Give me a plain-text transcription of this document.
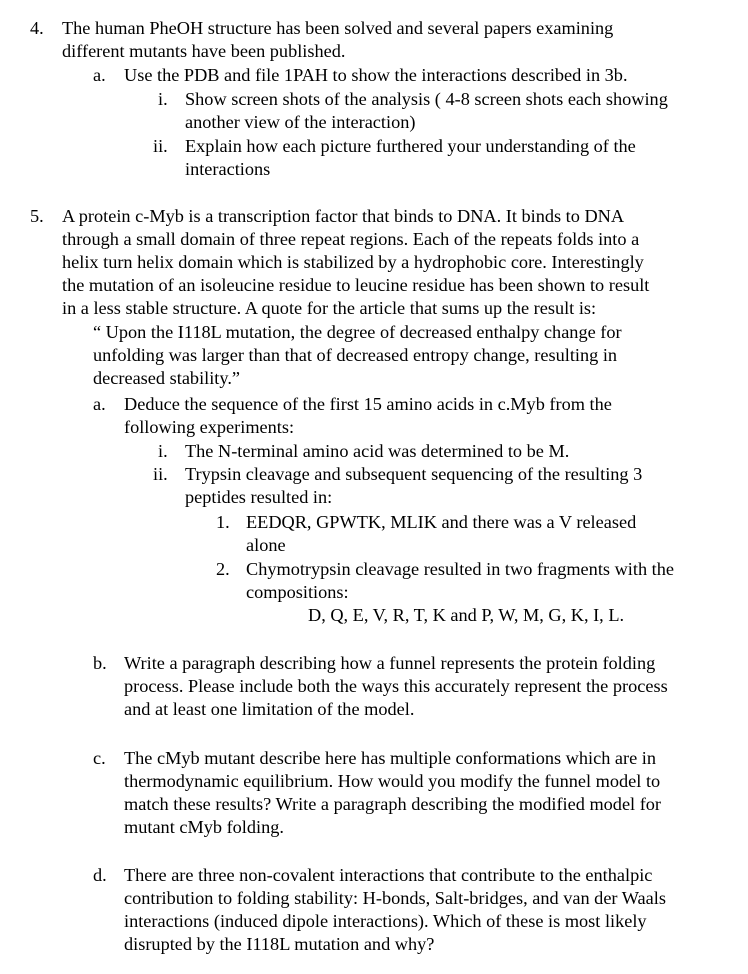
4. The human PheOH structure has been solved and several papers examining
different mutants have been published.
a. Use the PDB and file 1PAH to show the interactions described in 3b.
i. Show screen shots of the analysis ( 4-8 screen shots each showing
another view of the interaction)
ii. Explain how each picture furthered your understanding of the
interactions
5. A protein c-Myb is a transcription factor that binds to DNA. It binds to DNA
through a small domain of three repeat regions. Each of the repeats folds into a
helix turn helix domain which is stabilized by a hydrophobic core. Interestingly
the mutation of an isoleucine residue to leucine residue has been shown to result
in a less stable structure. A quote for the article that sums up the result is:
“ Upon the I118L mutation, the degree of decreased enthalpy change for
unfolding was larger than that of decreased entropy change, resulting in
decreased stability.”
a. Deduce the sequence of the first 15 amino acids in c.Myb from the
following experiments:
i. The N-terminal amino acid was determined to be M.
ii. Trypsin cleavage and subsequent sequencing of the resulting 3
peptides resulted in:
1. EEDQR, GPWTK, MLIK and there was a V released
alone
2. Chymotrypsin cleavage resulted in two fragments with the
compositions:
D, Q, E, V, R, T, K and P, W, M, G, K, I, L.
b. Write a paragraph describing how a funnel represents the protein folding
process. Please include both the ways this accurately represent the process
and at least one limitation of the model.
c. The cMyb mutant describe here has multiple conformations which are in
thermodynamic equilibrium. How would you modify the funnel model to
match these results? Write a paragraph describing the modified model for
mutant cMyb folding.
d. There are three non-covalent interactions that contribute to the enthalpic
contribution to folding stability: H-bonds, Salt-bridges, and van der Waals
interactions (induced dipole interactions). Which of these is most likely
disrupted by the I118L mutation and why?
